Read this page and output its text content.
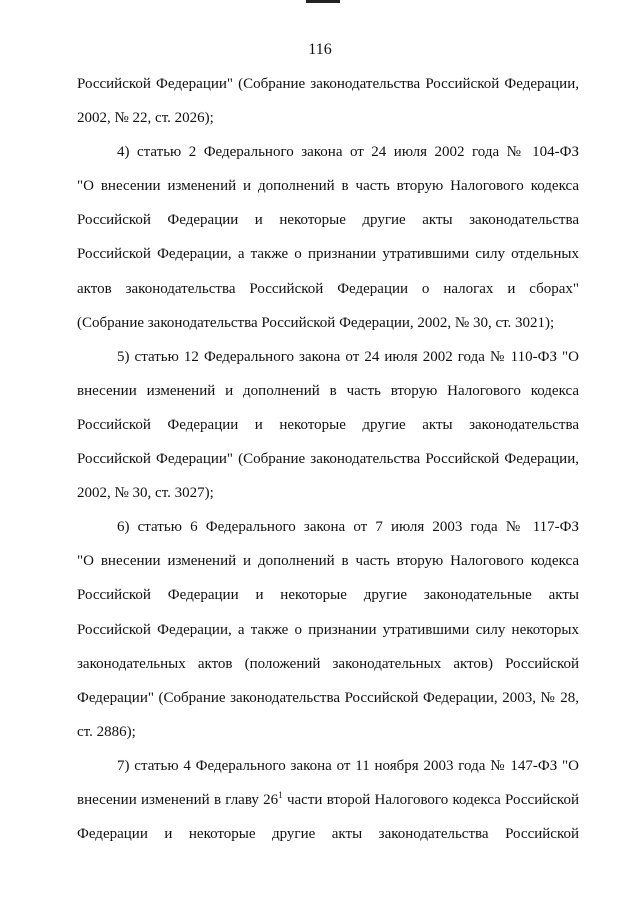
116
Российской Федерации" (Собрание законодательства Российской Федерации,
2002, № 22, ст. 2026);
4) статью 2 Федерального закона от 24 июля 2002 года № 104-ФЗ
"О внесении изменений и дополнений в часть вторую Налогового кодекса
Российской Федерации и некоторые другие акты законодательства
Российской Федерации, а также о признании утратившими силу отдельных
актов законодательства Российской Федерации о налогах и сборах"
(Собрание законодательства Российской Федерации, 2002, № 30, ст. 3021);
5) статью 12 Федерального закона от 24 июля 2002 года № 110-ФЗ "О
внесении изменений и дополнений в часть вторую Налогового кодекса
Российской Федерации и некоторые другие акты законодательства
Российской Федерации" (Собрание законодательства Российской Федерации,
2002, № 30, ст. 3027);
6) статью 6 Федерального закона от 7 июля 2003 года № 117-ФЗ
"О внесении изменений и дополнений в часть вторую Налогового кодекса
Российской Федерации и некоторые другие законодательные акты
Российской Федерации, а также о признании утратившими силу некоторых
законодательных актов (положений законодательных актов) Российской
Федерации" (Собрание законодательства Российской Федерации, 2003, № 28,
ст. 2886);
7) статью 4 Федерального закона от 11 ноября 2003 года № 147-ФЗ "О
внесении изменений в главу $26^1$ части второй Налогового кодекса Российской
Федерации и некоторые другие акты законодательства Российской
